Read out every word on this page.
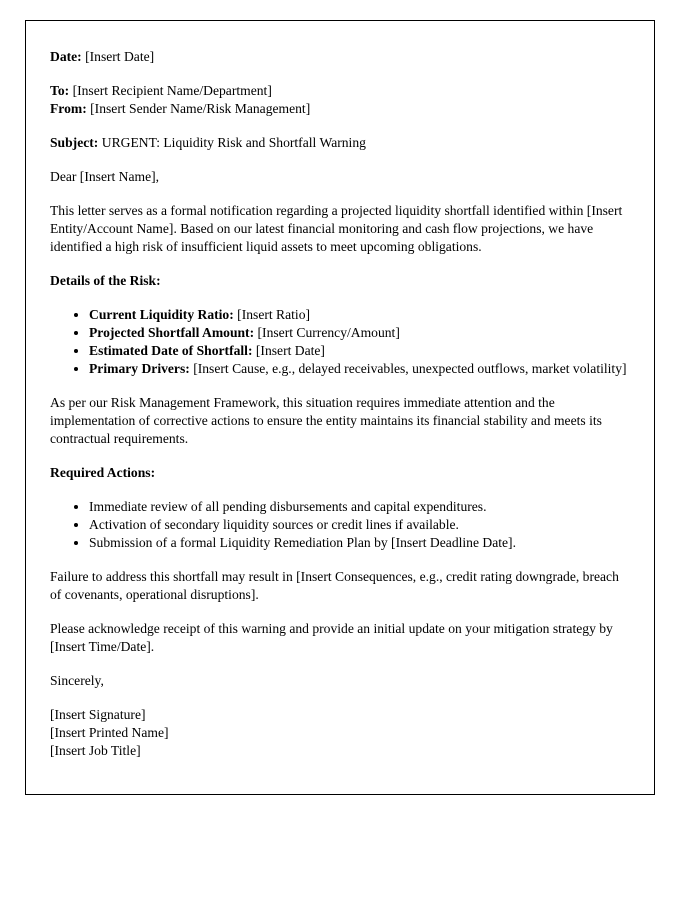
Date: [Insert Date]

To: [Insert Recipient Name/Department]
From: [Insert Sender Name/Risk Management]

Subject: URGENT: Liquidity Risk and Shortfall Warning

Dear [Insert Name],

This letter serves as a formal notification regarding a projected liquidity shortfall identified within [Insert Entity/Account Name]. Based on our latest financial monitoring and cash flow projections, we have identified a high risk of insufficient liquid assets to meet upcoming obligations.

Details of the Risk:

• Current Liquidity Ratio: [Insert Ratio]
• Projected Shortfall Amount: [Insert Currency/Amount]
• Estimated Date of Shortfall: [Insert Date]
• Primary Drivers: [Insert Cause, e.g., delayed receivables, unexpected outflows, market volatility]

As per our Risk Management Framework, this situation requires immediate attention and the implementation of corrective actions to ensure the entity maintains its financial stability and meets its contractual requirements.

Required Actions:

• Immediate review of all pending disbursements and capital expenditures.
• Activation of secondary liquidity sources or credit lines if available.
• Submission of a formal Liquidity Remediation Plan by [Insert Deadline Date].

Failure to address this shortfall may result in [Insert Consequences, e.g., credit rating downgrade, breach of covenants, operational disruptions].

Please acknowledge receipt of this warning and provide an initial update on your mitigation strategy by [Insert Time/Date].

Sincerely,

[Insert Signature]
[Insert Printed Name]
[Insert Job Title]
